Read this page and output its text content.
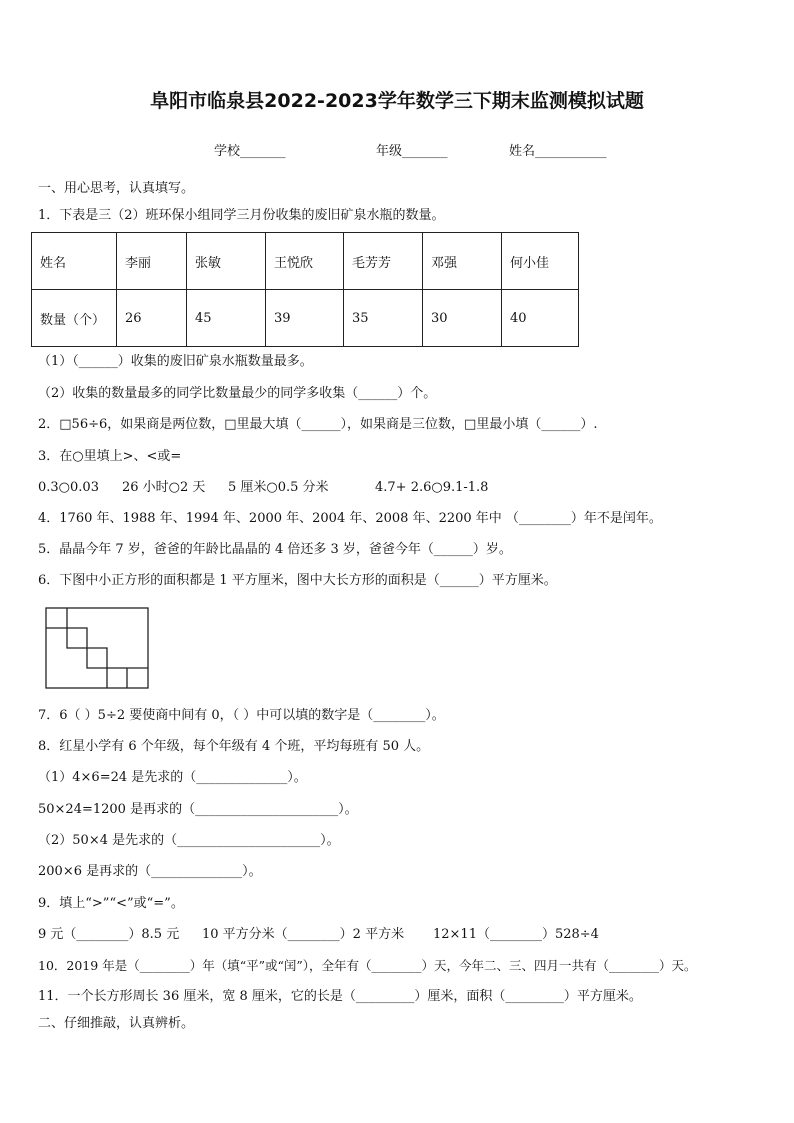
阜阳市临泉县2022-2023学年数学三下期末监测模拟试题
学校_______	年级_______	姓名___________
一、用心思考，认真填写。
1．下表是三（2）班环保小组同学三月份收集的废旧矿泉水瓶的数量。
姓名	李丽	张敏	王悦欣	毛芳芳	邓强	何小佳
数量（个）	26	45	39	35	30	40
（1）（______）收集的废旧矿泉水瓶数量最多。
（2）收集的数量最多的同学比数量最少的同学多收集（______）个。
2．□56÷6，如果商是两位数，□里最大填（______），如果商是三位数，□里最小填（______）.
3．在○里填上>、<或=
0.3○0.03 26 小时○2 天 5 厘米○0.5 分米	4.7+ 2.6○9.1-1.8
4．1760 年、1988 年、1994 年、2000 年、2004 年、2008 年、2200 年中 （________）年不是闰年。
5．晶晶今年 7 岁，爸爸的年龄比晶晶的 4 倍还多 3 岁，爸爸今年（______）岁。
6．下图中小正方形的面积都是 1 平方厘米，图中大长方形的面积是（______）平方厘米。
7．6（ ）5÷2 要使商中间有 0，（ ）中可以填的数字是（________）。
8．红星小学有 6 个年级，每个年级有 4 个班，平均每班有 50 人。
（1）4×6=24 是先求的（______________）。
50×24=1200 是再求的（______________________）。
（2）50×4 是先求的（______________________）。
200×6 是再求的（______________）。
9．填上“>”“<”或“=”。
9 元（________）8.5 元 10 平方分米（________）2 平方米 12×11（________）528÷4
10．2019 年是（________）年（填“平”或“闰”），全年有（________）天，今年二、三、四月一共有（________）天。
11．一个长方形周长 36 厘米，宽 8 厘米，它的长是（_________）厘米，面积（_________）平方厘米。
二、仔细推敲，认真辨析。
